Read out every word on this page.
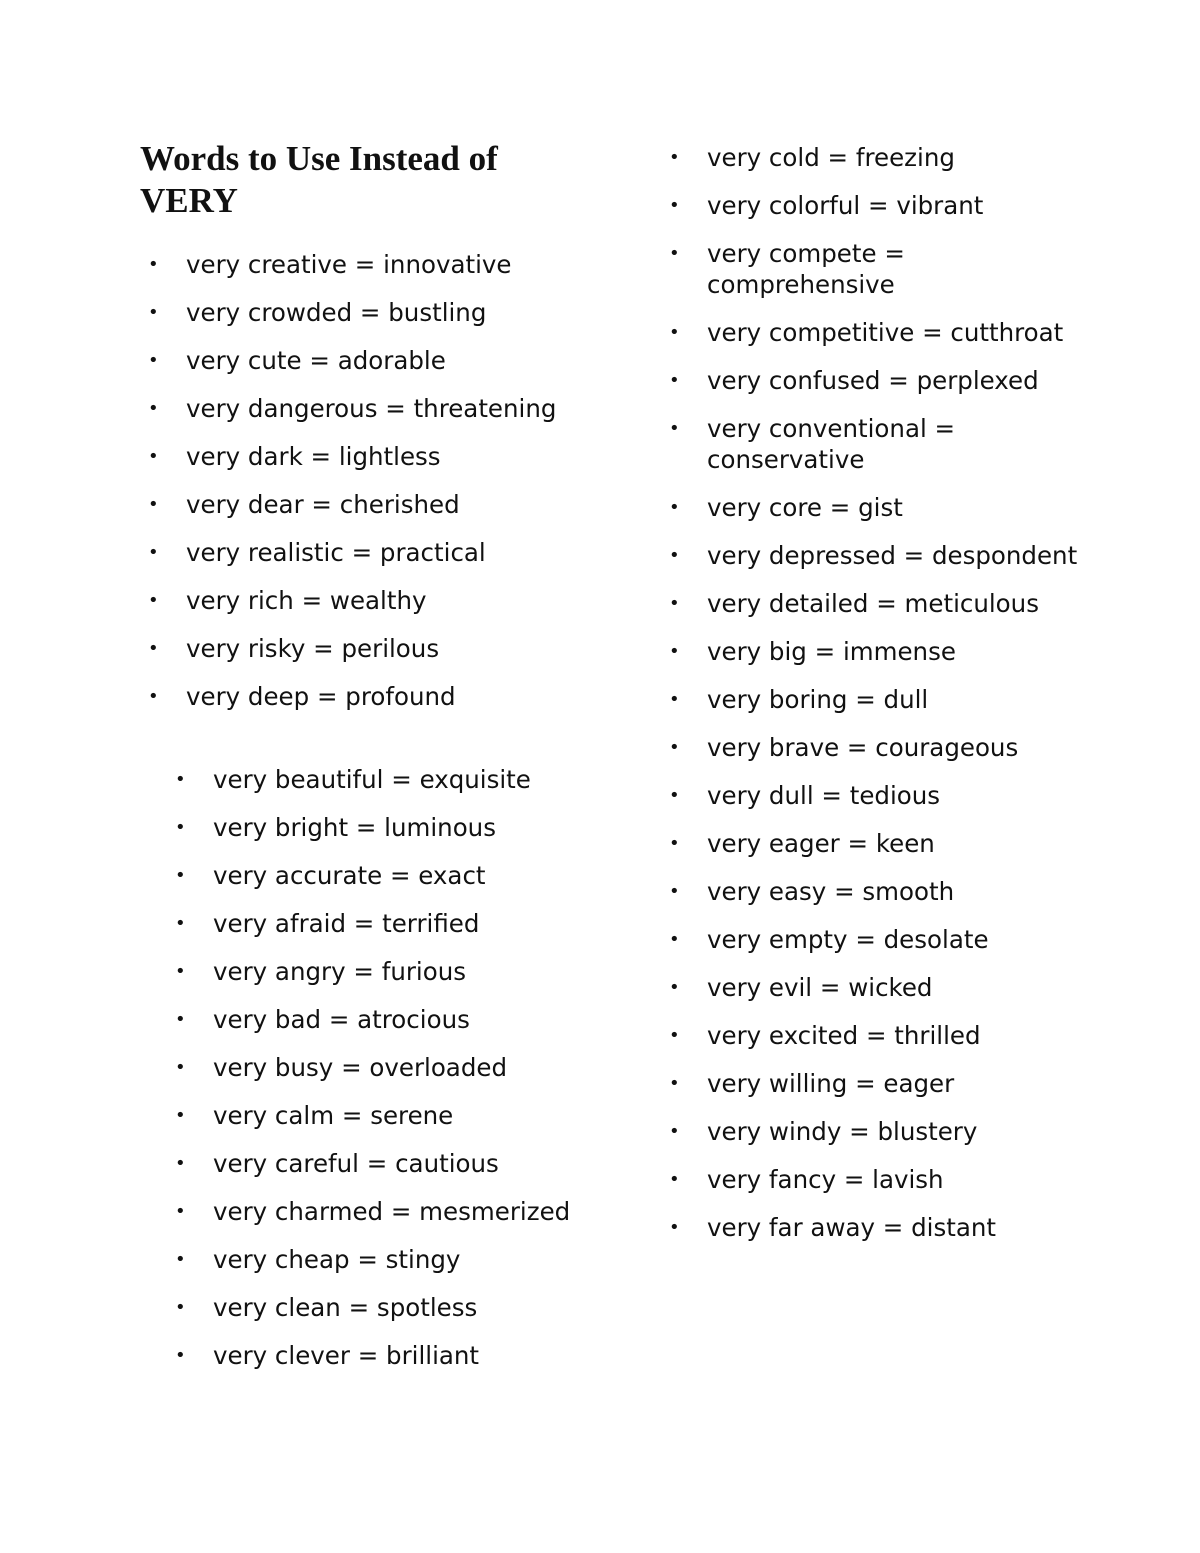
Words to Use Instead of VERY
• very creative = innovative
• very crowded = bustling
• very cute = adorable
• very dangerous = threatening
• very dark = lightless
• very dear = cherished
• very realistic = practical
• very rich = wealthy
• very risky = perilous
• very deep = profound
• very beautiful = exquisite
• very bright = luminous
• very accurate = exact
• very afraid = terrified
• very angry = furious
• very bad = atrocious
• very busy = overloaded
• very calm = serene
• very careful = cautious
• very charmed = mesmerized
• very cheap = stingy
• very clean = spotless
• very clever = brilliant
• very cold = freezing
• very colorful = vibrant
• very compete = comprehensive
• very competitive = cutthroat
• very confused = perplexed
• very conventional = conservative
• very core = gist
• very depressed = despondent
• very detailed = meticulous
• very big = immense
• very boring = dull
• very brave = courageous
• very dull = tedious
• very eager = keen
• very easy = smooth
• very empty = desolate
• very evil = wicked
• very excited = thrilled
• very willing = eager
• very windy = blustery
• very fancy = lavish
• very far away = distant
